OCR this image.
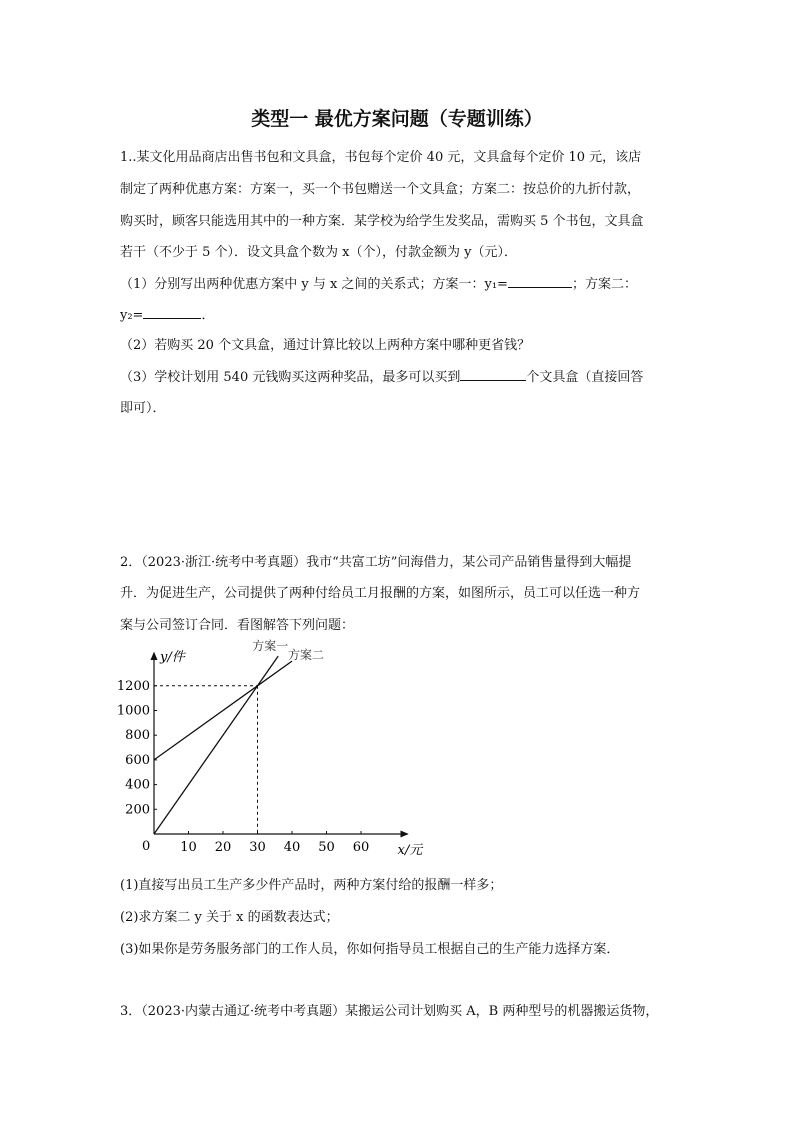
类型一 最优方案问题（专题训练）
1..某文化用品商店出售书包和文具盒，书包每个定价 40 元，文具盒每个定价 10 元，该店
制定了两种优惠方案：方案一，买一个书包赠送一个文具盒；方案二：按总价的九折付款，
购买时，顾客只能选用其中的一种方案．某学校为给学生发奖品，需购买 5 个书包，文具盒
若干（不少于 5 个）．设文具盒个数为 x（个），付款金额为 y（元）．
（1）分别写出两种优惠方案中 y 与 x 之间的关系式；方案一：y₁=	；方案二：
y₂=	．
（2）若购买 20 个文具盒，通过计算比较以上两种方案中哪种更省钱？
（3）学校计划用 540 元钱购买这两种奖品，最多可以买到	个文具盒（直接回答
即可）．
2．（2023·浙江·统考中考真题）我市“共富工坊”问海借力，某公司产品销售量得到大幅提
升．为促进生产，公司提供了两种付给员工月报酬的方案，如图所示，员工可以任选一种方
案与公司签订合同．看图解答下列问题：
x/元
y/件
0 10 20 30 40 50 60
200
400
600
800
1000
1200
方案一
方案二
(1)直接写出员工生产多少件产品时，两种方案付给的报酬一样多；
(2)求方案二 y 关于 x 的函数表达式；
(3)如果你是劳务服务部门的工作人员，你如何指导员工根据自己的生产能力选择方案．
3．（2023·内蒙古通辽·统考中考真题）某搬运公司计划购买 A，B 两种型号的机器搬运货物，
